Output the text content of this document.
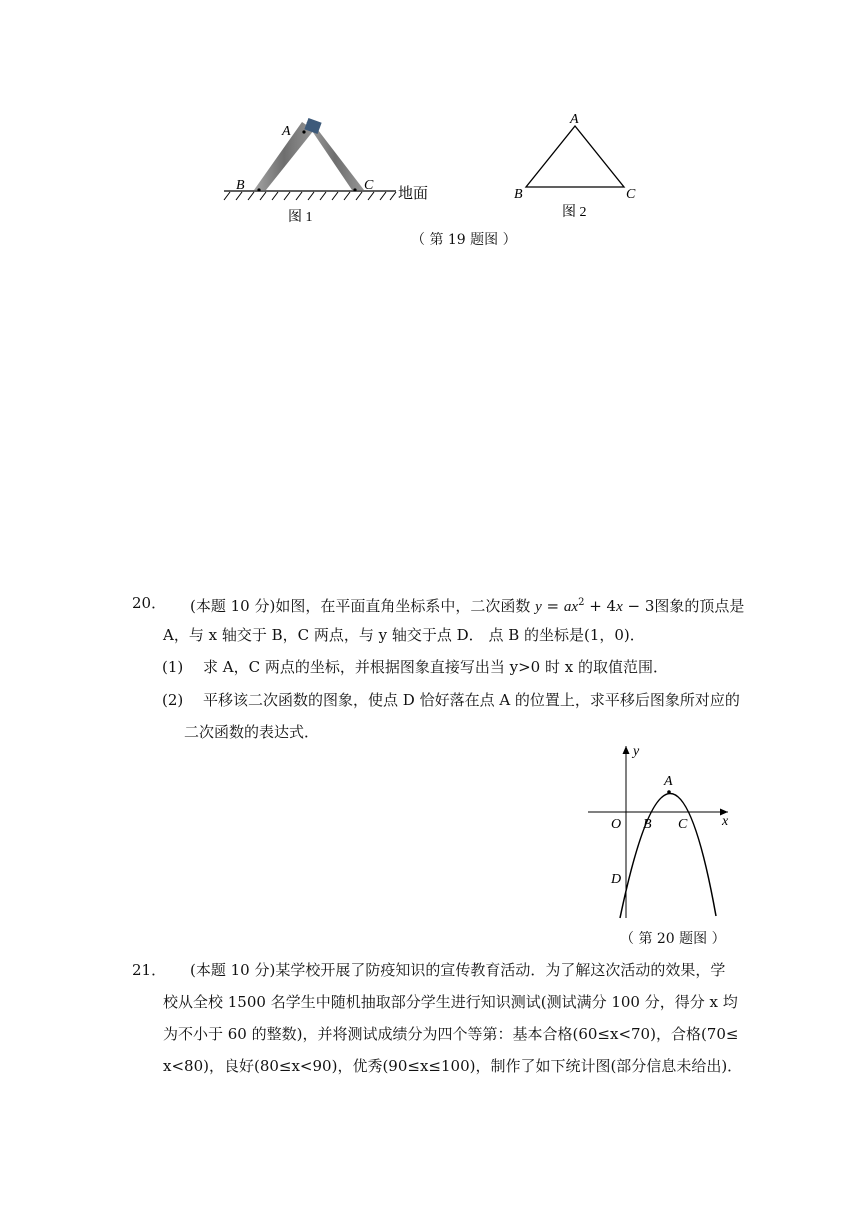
A
B	C
地面
图 1
A
B	C
图 2
（ 第 19 题图 ）
20． (本题 10 分)如图，在平面直角坐标系中，二次函数 $y = ax^2 + 4x - 3$图象的顶点是
A，与 x 轴交于 B，C 两点，与 y 轴交于点 D． 点 B 的坐标是(1，0)．
(1) 求 A，C 两点的坐标，并根据图象直接写出当 y>0 时 x 的取值范围．
(2) 平移该二次函数的图象，使点 D 恰好落在点 A 的位置上，求平移后图象所对应的
二次函数的表达式．
y
x
A
O B C
D
（ 第 20 题图 ）
21． (本题 10 分)某学校开展了防疫知识的宣传教育活动．为了解这次活动的效果，学
校从全校 1500 名学生中随机抽取部分学生进行知识测试(测试满分 100 分，得分 x 均
为不小于 60 的整数)，并将测试成绩分为四个等第：基本合格(60≤x<70)，合格(70≤
x<80)，良好(80≤x<90)，优秀(90≤x≤100)，制作了如下统计图(部分信息未给出)．
